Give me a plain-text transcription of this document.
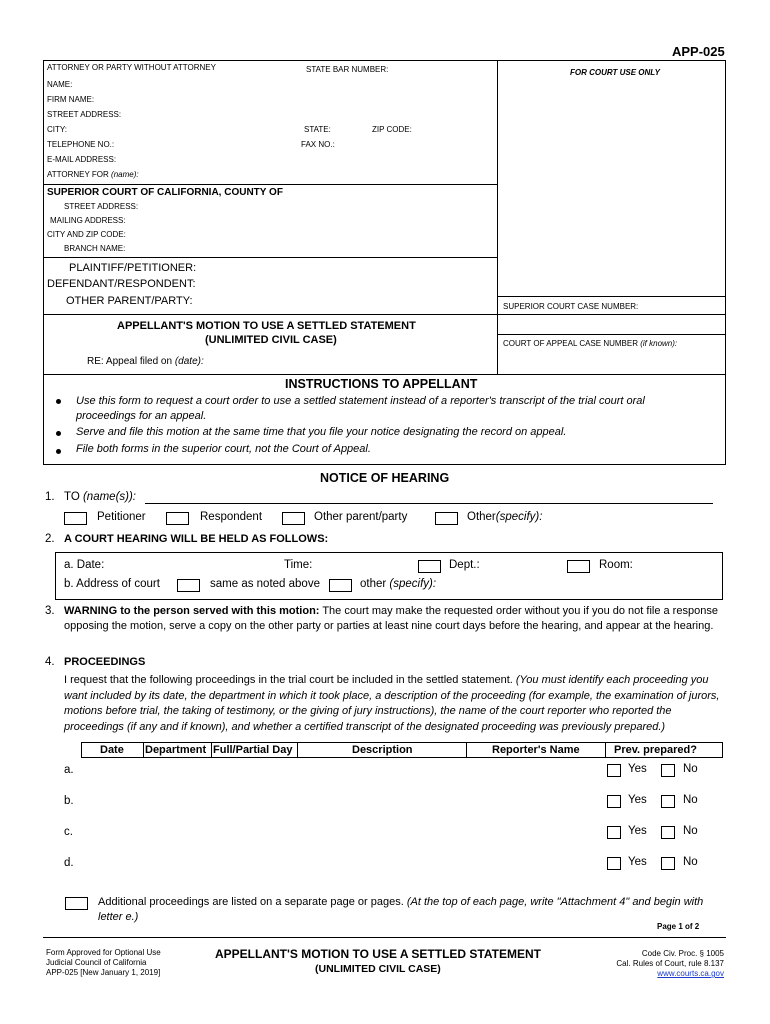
APP-025
ATTORNEY OR PARTY WITHOUT ATTORNEY	STATE BAR NUMBER:	FOR COURT USE ONLY
NAME:
FIRM NAME:
STREET ADDRESS:
CITY:	STATE:	ZIP CODE:
TELEPHONE NO.:	FAX NO.:
E-MAIL ADDRESS:
ATTORNEY FOR (name):
SUPERIOR COURT OF CALIFORNIA, COUNTY OF
STREET ADDRESS:
MAILING ADDRESS:
CITY AND ZIP CODE:
BRANCH NAME:
PLAINTIFF/PETITIONER:
DEFENDANT/RESPONDENT:
OTHER PARENT/PARTY:	SUPERIOR COURT CASE NUMBER:
APPELLANT'S MOTION TO USE A SETTLED STATEMENT
(UNLIMITED CIVIL CASE)	COURT OF APPEAL CASE NUMBER (if known):
RE: Appeal filed on (date):
INSTRUCTIONS TO APPELLANT
Use this form to request a court order to use a settled statement instead of a reporter's transcript of the trial court oral proceedings for an appeal.
Serve and file this motion at the same time that you file your notice designating the record on appeal.
File both forms in the superior court, not the Court of Appeal.
NOTICE OF HEARING
1. TO (name(s)):
Petitioner	Respondent	Other parent/party	Other(specify):
2. A COURT HEARING WILL BE HELD AS FOLLOWS:
a. Date:	Time:	Dept.:	Room:
b. Address of court	same as noted above	other (specify):
3. WARNING to the person served with this motion: The court may make the requested order without you if you do not file a response opposing the motion, serve a copy on the other party or parties at least nine court days before the hearing, and appear at the hearing.
4. PROCEEDINGS
I request that the following proceedings in the trial court be included in the settled statement. (You must identify each proceeding you want included by its date, the department in which it took place, a description of the proceeding (for example, the examination of jurors, motions before trial, the taking of testimony, or the giving of jury instructions), the name of the court reporter who reported the proceedings (if any and if known), and whether a certified transcript of the designated proceeding was previously prepared.)
Date Department Full/Partial Day	Description	Reporter's Name	Prev. prepared?
a.	Yes	No
b.	Yes	No
c.	Yes	No
d.	Yes	No
Additional proceedings are listed on a separate page or pages. (At the top of each page, write "Attachment 4" and begin with letter e.)
Page 1 of 2
Form Approved for Optional Use
Judicial Council of California
APP-025 [New January 1, 2019]
APPELLANT'S MOTION TO USE A SETTLED STATEMENT
(UNLIMITED CIVIL CASE)
Code Civ. Proc. § 1005
Cal. Rules of Court, rule 8.137
www.courts.ca.gov
